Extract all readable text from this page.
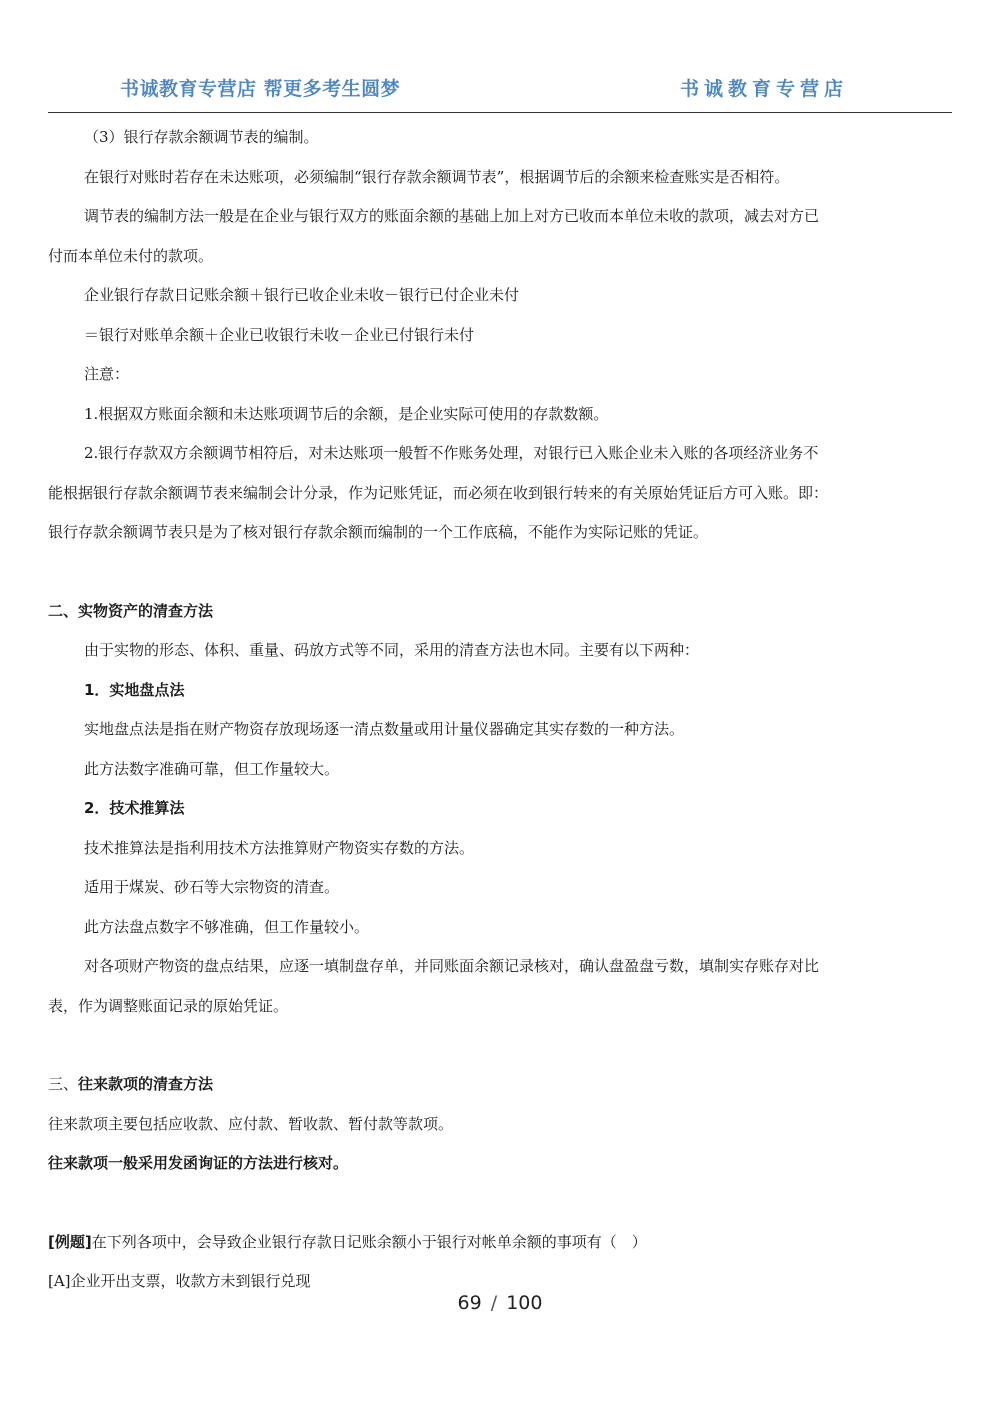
书诚教育专营店 帮更多考生圆梦	书诚教育专营店

（3）银行存款余额调节表的编制。

在银行对账时若存在未达账项，必须编制“银行存款余额调节表”，根据调节后的余额来检查账实是否相符。

调节表的编制方法一般是在企业与银行双方的账面余额的基础上加上对方已收而本单位未收的款项，减去对方已

付而本单位未付的款项。

企业银行存款日记账余额＋银行已收企业未收－银行已付企业未付

＝银行对账单余额＋企业已收银行未收－企业已付银行未付

注意：

1.根据双方账面余额和未达账项调节后的余额，是企业实际可使用的存款数额。

2.银行存款双方余额调节相符后，对未达账项一般暂不作账务处理，对银行已入账企业未入账的各项经济业务不

能根据银行存款余额调节表来编制会计分录，作为记账凭证，而必须在收到银行转来的有关原始凭证后方可入账。即：

银行存款余额调节表只是为了核对银行存款余额而编制的一个工作底稿，不能作为实际记账的凭证。

二、实物资产的清查方法

由于实物的形态、体积、重量、码放方式等不同，采用的清查方法也木同。主要有以下两种：

1．实地盘点法

实地盘点法是指在财产物资存放现场逐一清点数量或用计量仪器确定其实存数的一种方法。

此方法数字准确可靠，但工作量较大。

2．技术推算法

技术推算法是指利用技术方法推算财产物资实存数的方法。

适用于煤炭、砂石等大宗物资的清查。

此方法盘点数字不够准确，但工作量较小。

对各项财产物资的盘点结果，应逐一填制盘存单，并同账面余额记录核对，确认盘盈盘亏数，填制实存账存对比

表，作为调整账面记录的原始凭证。

三、往来款项的清查方法

往来款项主要包括应收款、应付款、暂收款、暂付款等款项。

往来款项一般采用发函询证的方法进行核对。

[例题]在下列各项中，会导致企业银行存款日记账余额小于银行对帐单余额的事项有（　）

[A]企业开出支票，收款方未到银行兑现

69 / 100
